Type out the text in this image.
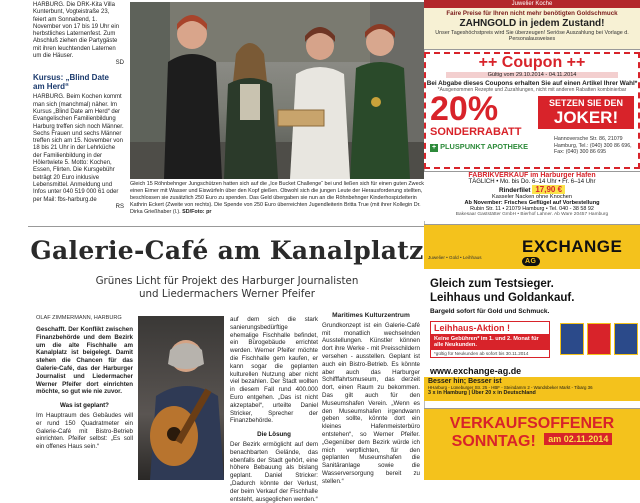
HARBURG. Die DRK-Kita Villa Kunterbunt, Vogteistraße 23, feiert am Sonnabend, 1. November von 17 bis 19 Uhr ein herbstliches Laternenfest. Zum Abschluß ziehen die Partygäste mit ihren leuchtenden Laternen um die Häuser.

SD

Kursus: „Blind Date
am Herd“

HARBURG. Beim Kochen kommt man sich (manchmal) näher. Im Kursus „Blind Date am Herd“ der Evangelischen Familienbildung Harburg treffen sich noch Männer. Sechs Frauen und sechs Männer treffen sich am 15. November von 18 bis 21 Uhr in der Lehrküche der Familienbildung in der Hölertwiete 5. Motto: Kochen, Essen, Flirten. Die Kursgebühr beträgt 20 Euro inklusive Lebensmittel. Anmeldung und Infos unter 040 519 000 61 oder per Mail: fbs-harburg.de

RS

Gleich 15 Röhnbehnger Jungschützen hatten sich auf die „Ice Bucket Challenge“ bei und ließen sich für einen guten Zweck einen Eimer mit Wasser und Eiswürfeln über den Kopf gießen. Obwohl sich die jungen Leute der Herausforderung stellten, beschlossen sie zusätzlich 250 Euro zu spenden. Das Geld übergaben sie nun an die Röhnbehnger Kinderhospizleiterin Kathrin Eckert (Zweite von rechts). Die Spende von 250 Euro überreichten Jugendleiterin Britta True (mit ihrer Kollegin Dr. Dirka Grießhaber (l.). SD/Foto: pr

Galerie-Café am Kanalplatz
Grünes Licht für Projekt des Harburger Journalisten
und Liedermachers Werner Pfeifer
OLAF ZIMMERMANN, HARBURG

Geschafft. Der Konflikt zwischen Finanzbehörde und dem Bezirk um die alte Fischhalle am Kanalplatz ist beigelegt. Damit stehen die Chancen für das Galerie-Café, das der Harburger Journalist und Liedermacher Werner Pfeifer dort einrichten möchte, so gut wie nie zuvor.

Was ist geplant?

Im Hauptraum des Gebäudes will er rund 150 Quadratmeter ein Galerie-Café mit Bistro-Betrieb einrichten. Pfeifer selbst: „Es soll ein offenes Haus sein.“

auf dem sich die stark sanierungsbedürftige ehemalige Fischhalle befindet, ein Bürogebäude errichtet werden. Werner Pfeifer möchte die Fischhalle gern kaufen, er kann sogar die geplanten kulturellen Nutzung aber nicht viel bezahlen. Der Stadt wollten in diesem Fall rund 400.000 Euro entgehen. „Das ist nicht akzeptabel“, urteilte Daniel Stricker, Sprecher der Finanzbehörde.

Die Lösung

Der Bezirk ermöglicht auf dem benachbarten Gelände, das ebenfalls der Stadt gehört, eine höhere Bebauung als bislang geplant. Daniel Stricker: „Dadurch könnte der Verlust, der beim Verkauf der Fischhalle entsteht, ausgeglichen werden.“

Maritimes Kulturzentrum

Grundkonzept ist ein Galerie-Café mit monatlich wechselnden Ausstellungen. Künstler können dort ihre Werke - mit Preisschildern versehen - ausstellen. Geplant ist auch ein Bistro-Betrieb. Es könnte aber auch das Harburger Schifffahrtsmuseum, das derzeit dort, einen Raum zu bekommen. Das gilt auch für den Museumshafen Verein. „Wenn es den Museumshafen irgendwann geben sollte, könnte dort ein kleines Hafenmeisterbüro entstehen“, so Werner Pfeifer. „Gegenüber dem Bezirk würde ich mich verpflichten, für den geplanten Museumshafen die Sanitäranlage sowie die Wasserversorgung bereit zu stellen.“

Juwelier Koche
Faire Preise für Ihren nicht mehr benötigten Goldschmuck
ZAHNGOLD in jedem Zustand!
Unser Tageshöchstpreis wird Sie überzeugen! Seriöse Auszahlung bei Vorlage d. Personalausweises
++ Coupon ++
Gültig vom 29.10.2014 - 04.11.2014
Bei Abgabe dieses Coupons erhalten Sie auf einen Artikel Ihrer Wahl*
*Ausgenommen Rezepte und Zuzahlungen, nicht mit anderen Rabatten kombinierbar
20%
SONDERRABATT
SETZEN SIE DEN
JOKER!
+ PLUSPUNKT APOTHEKE
Hannoversche Str. 86, 21079 Hamburg, Tel.: (040) 300 86 696, Fax: (040) 300 86 695
FABRIKVERKAUF im Harburger Hafen
TÄGLICH • Mo. bis Do. 6–14 Uhr • Fr. 6–14 Uhr
Rinderfilet 17,90 €
Kasseler Nacken ohne Knochen
Ab November: Frisches Geflügel auf Vorbestellung
Rubin Str. 11 • 21079 Hamburg • Tel. 040 - 38 58 92
Bakesaar Gaststätter GmbH • Bierhof Lahner. Ab Ware 20457 Hamburg
Juwelier • Gold • Leihhaus
EXCHANGE AG
Gleich zum Testsieger.
Leihhaus und Goldankauf.
Bargeld sofort für Gold und Schmuck.
Leihhaus-Aktion !
Keine Gebühren* im 1. und 2. Monat für alle Neukunden.
*gültig für Neukunden ab sofort bis 30.11.2014
www.exchange-ag.de
Besser hin; Besser ist
HHarburg - Lüneburger Str. 25 - HBF - Steindamm 2 - Wandsbeker Markt - Tibarg 36
3 x in Hamburg | Über 20 x in Deutschland
VERKAUFSOFFENER
SONNTAG! am 02.11.2014
